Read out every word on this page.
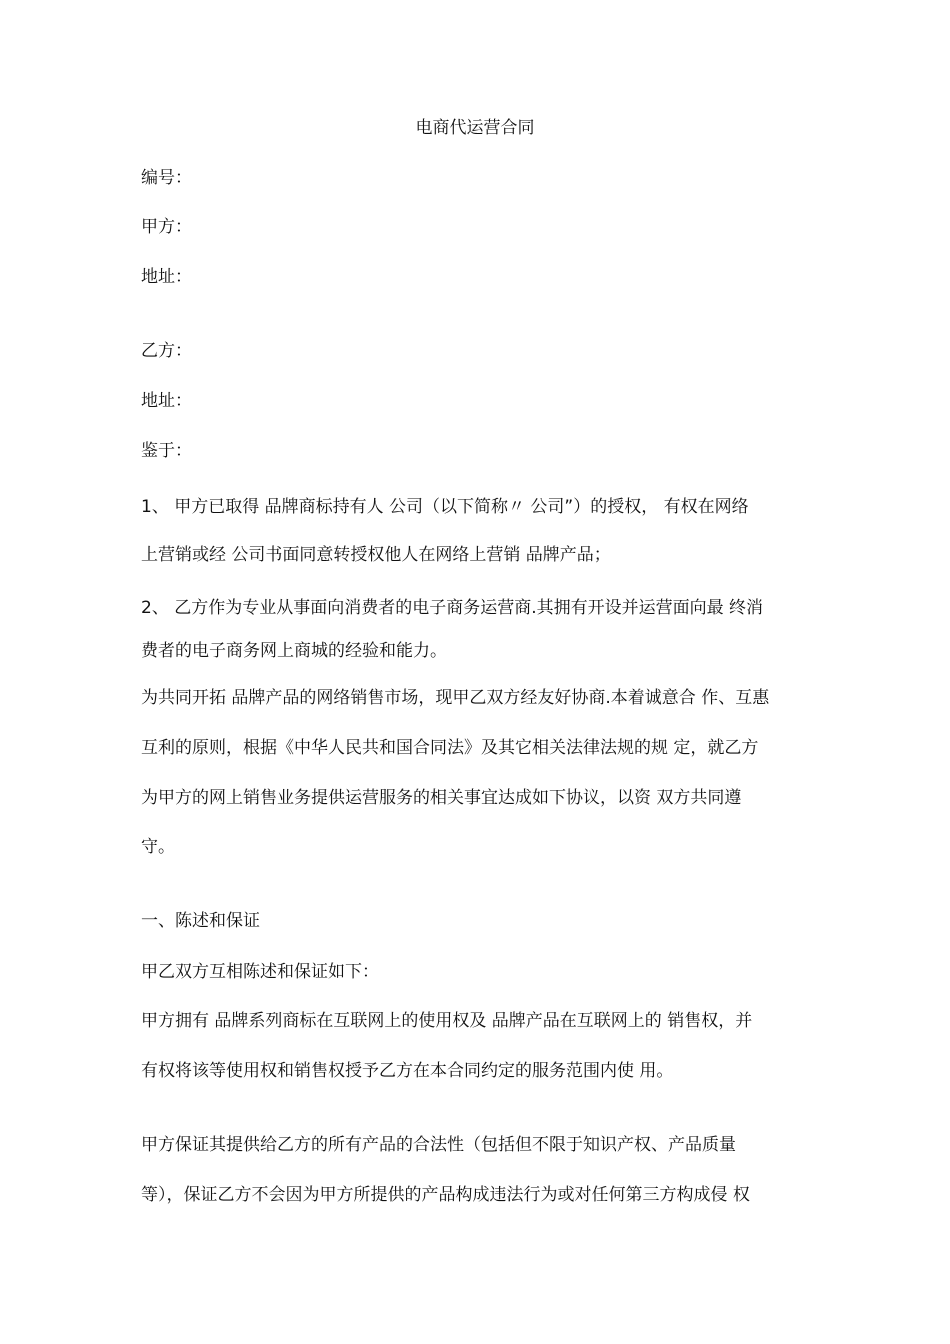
电商代运营合同
编号：
甲方：
地址：
乙方：
地址：
鉴于：
1、 甲方已取得 品牌商标持有人 公司（以下简称〃 公司”）的授权， 有权在网络
上营销或经 公司书面同意转授权他人在网络上营销 品牌产品；
2、 乙方作为专业从事面向消费者的电子商务运营商.其拥有开设并运营面向最 终消
费者的电子商务网上商城的经验和能力。
为共同开拓 品牌产品的网络销售市场，现甲乙双方经友好协商.本着诚意合 作、互惠
互利的原则，根据《中华人民共和国合同法》及其它相关法律法规的规 定，就乙方
为甲方的网上销售业务提供运营服务的相关事宜达成如下协议，以资 双方共同遵
守。
一、陈述和保证
甲乙双方互相陈述和保证如下：
甲方拥有 品牌系列商标在互联网上的使用权及 品牌产品在互联网上的 销售权，并
有权将该等使用权和销售权授予乙方在本合同约定的服务范围内使 用。
甲方保证其提供给乙方的所有产品的合法性（包括但不限于知识产权、产品质量
等），保证乙方不会因为甲方所提供的产品构成违法行为或对任何第三方构成侵 权
